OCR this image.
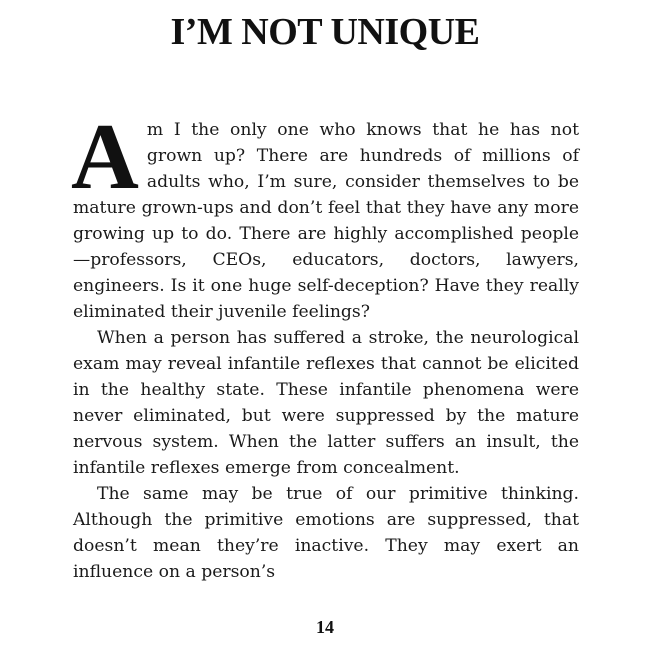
I’M NOT UNIQUE

Am I the only one who knows that he has not grown up? There are hundreds of millions of adults who, I’m sure, consider themselves to be mature grown-ups and don’t feel that they have any more growing up to do. There are highly accomplished people—professors, CEOs, educators, doctors, lawyers, engineers. Is it one huge self-deception? Have they really eliminated their juvenile feelings?

When a person has suffered a stroke, the neurological exam may reveal infantile reflexes that cannot be elicited in the healthy state. These infantile phenomena were never eliminated, but were suppressed by the mature nervous system. When the latter suffers an insult, the infantile reflexes emerge from concealment.

The same may be true of our primitive thinking. Although the primitive emotions are suppressed, that doesn’t mean they’re inactive. They may exert an influence on a person’s

14
